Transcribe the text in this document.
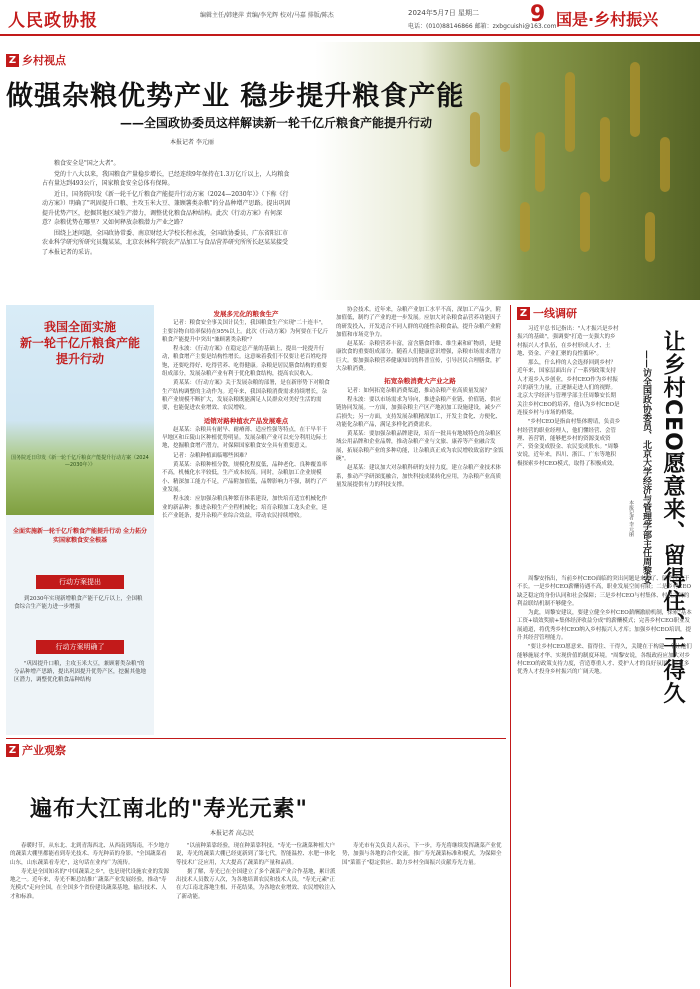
人民政协报	编辑主任/韩建萍 责编/李光辉 校对/马嘉 排版/陈杰	2024年5月7日 星期二
电话：(010)88146866 邮箱：zxbgcuishi@163.com
9 国是·乡村振兴
Z 乡村视点
做强杂粮优势产业 稳步提升粮食产能
——全国政协委员这样解读新一轮千亿斤粮食产能提升行动
本报记者 李元丽

粮食安全是"国之大者"。

党的十八大以来，我国粮食产量稳步增长，已经连续9年保持在1.3万亿斤以上，人均粮食占有量达到493公斤，国家粮食安全总体有保障。

近日，国务院印发《新一轮千亿斤粮食产能提升行动方案（2024—2030年）》（下称《行动方案》）明确了"巩固提升口粮、主攻玉米大豆、兼顾薯类杂粮"的分品种增产思路。提出巩固提升优势产区，挖掘其他区域生产潜力，调整优化粮食品种结构。此次《行动方案》有何深意？杂粮优势在哪里？又如何释放杂粮潜力产业之路？

围绕上述问题，全国政协常委、南京财经大学校长程永波，全国政协委员、广东省阳江市农业科学研究所研究员魏某某，北京农林科学院农产品加工与食品营养研究所所长赵某某接受了本报记者的采访。

我国全面实施
新一轮千亿斤粮食产能
提升行动
国务院近日印发《新一轮千亿斤粮食产能提升行动方案（2024—2030年）》
全面实施新一轮千亿斤粮食产能提升行动 全力拓分实国家粮食安全根基
行动方案提出
到2030年实现新增粮食产能千亿斤以上，全国粮食综合生产能力进一步增强
行动方案明确了
"巩固提升口粮，主攻玉米大豆，兼顾薯类杂粮"的分品种增产思路，提出巩固提升优势产区，挖掘其他地区潜力，调整优化粮食品种结构

发展多元化的粮食生产

记者：粮食安全事关国计民生，我国粮食生产实现"二十连丰"，主要谷物自给率保持在95%以上。此次《行动方案》为何要在千亿斤粮食产能提升中突出"兼顾薯类杂粮"？

程永波：《行动方案》在稳定总产量的基础上，提出一轮提升行动，粮食增产主要是结构性增长。这意味着我们不仅要让老百姓吃得饱，还要吃得好、吃得营养、吃得健康。杂粮是居民膳食结构的重要组成部分，发展杂粮产业有利于优化粮食结构，提高农民收入。

黄某某：《行动方案》关于发展杂粮的部署，是在新形势下对粮食生产结构调整的主动作为。近年来，我国杂粮消费需求持续增长，杂粮产业规模不断扩大，发展杂粮既能满足人民群众对美好生活的需要，也能促进农业增效、农民增收。

适销对路种植农产品发展难点

赵某某：杂粮具有耐旱、耐瘠薄、适应性强等特点，在干旱半干旱地区和丘陵山区种植优势明显。发展杂粮产业可以充分利用边际土地，挖掘粮食增产潜力，对保障国家粮食安全具有重要意义。

记者：杂粮种植面临哪些困难？

黄某某：杂粮种植分散，规模化程度低，品种老化、良种覆盖率不高，机械化水平较低，生产成本较高。同时，杂粮加工企业规模小、精深加工能力不足，产品附加值低，品牌影响力不强，制约了产业发展。

程永波：应加强杂粮良种繁育体系建设，加快培育适宜机械化作业的新品种；推进杂粮生产全程机械化；培育杂粮加工龙头企业，延长产业链条，提升杂粮产业综合效益，带动农民持续增收。

协会技术。近年来，杂粮产业加工水平不高，深加工产品少，附加值低，制约了产业的进一步发展。应加大对杂粮食品营养功能因子的研发投入，开发适合不同人群的功能性杂粮食品，提升杂粮产业附加值和市场竞争力。

赵某某：杂粮营养丰富，富含膳食纤维、维生素和矿物质，是健康饮食的重要组成部分。随着人们健康意识增强，杂粮市场需求潜力巨大。要加强杂粮营养健康知识的科普宣传，引导居民合理膳食，扩大杂粮消费。

拓宽杂粮消费大产业之路

记者：如何拓宽杂粮消费渠道，推动杂粮产业高质量发展？

程永波：要以市场需求为导向，推进杂粮产业链、价值链、供应链协同发展。一方面，加强杂粮主产区产地初加工设施建设，减少产后损失；另一方面，支持发展杂粮精深加工，开发主食化、方便化、功能化杂粮产品，满足多样化消费需求。

黄某某：要加强杂粮品牌建设，培育一批具有地域特色的杂粮区域公用品牌和企业品牌，推动杂粮产业与文旅、康养等产业融合发展，拓展杂粮产业的多种功能，让杂粮真正成为农民增收致富的"金饭碗"。

赵某某：建议加大对杂粮科研的支持力度，建立杂粮产业技术体系，推动产学研深度融合，加快科技成果转化应用，为杂粮产业高质量发展提供有力的科技支撑。

Z 一线调研
让乡村CEO愿意来、留得住、干得久
——访全国政协委员、北京大学经济与管理学部主任周黎安
本报记者 李元丽

习近平总书记指出："人才振兴是乡村振兴的基础"，强调要"打造一支强大的乡村振兴人才队伍，在乡村形成人才、土地、资金、产业汇聚的良性循环"。

那么，什么样的人会选择回到乡村？近年来，国家层面出台了一系列政策支持人才返乡入乡创业，乡村CEO作为乡村振兴的新生力量，正逐渐走进人们的视野。北京大学经济与管理学部主任周黎安长期关注乡村CEO的培养，他认为乡村CEO是连接乡村与市场的桥梁。

"乡村CEO是指由村集体聘请，负责乡村经营的职业经理人，他们懂经营、会管理、善营销，能够把乡村的资源变成资产、资金变成股金、农民变成股东。"周黎安说，近年来，四川、浙江、广东等地积极探索乡村CEO模式，取得了积极成效。

周黎安指出，当前乡村CEO面临的突出问题是来不了、留不住、干不长。一是乡村CEO薪酬待遇不高，职业发展空间有限；二是乡村CEO缺乏稳定的身份认同和社会保障；三是乡村CEO与村集体、村民之间的利益联结机制不够健全。

为此，周黎安建议，要建立健全乡村CEO薪酬激励机制，探索"基本工资+绩效奖励+集体经济收益分成"的薪酬模式；完善乡村CEO职业发展通道，将优秀乡村CEO纳入乡村振兴人才库；加强乡村CEO培训，提升其经营管理能力。

"要让乡村CEO愿意来、留得住、干得久，关键在于构建一个让他们能够施展才华、实现价值的制度环境。"周黎安说，各级政府应加大对乡村CEO的政策支持力度，营造尊重人才、爱护人才的良好氛围，让更多优秀人才投身乡村振兴的广阔天地。

Z 产业观察
遍布大江南北的"寿光元素"
本报记者 高志民

春暖时节，从东北、北到青海西北、从西南到海南，不少地方的蔬菜大棚里都能看到寿光技术、寿光种苗的身影。"全国蔬菜看山东，山东蔬菜看寿光"，这句话在业内广为流传。

寿光是全国知名的"中国蔬菜之乡"，也是现代设施农业的发源地之一。近年来，寿光不断总结推广蔬菜产业发展经验，推动"寿光模式"走向全国，在全国多个省份建设蔬菜基地，输出技术、人才和标准。

"以前种菜靠经验，现在种菜靠科技。"寿光一位蔬菜种植大户说，寿光的蔬菜大棚已经更新到了第七代，智能温控、水肥一体化等技术广泛应用，大大提高了蔬菜的产量和品质。

据了解，寿光已在全国建立了多个蔬菜产业合作基地，累计派出技术人员数万人次，为各地培训农民和技术人员，"寿光元素"正在大江南北落地生根、开花结果，为各地农业增效、农民增收注入了新动能。

寿光市有关负责人表示，下一步，寿光将继续发挥蔬菜产业优势，加强与各地的合作交流，推广寿光蔬菜标准和模式，为保障全国"菜篮子"稳定供应、助力乡村全面振兴贡献寿光力量。
